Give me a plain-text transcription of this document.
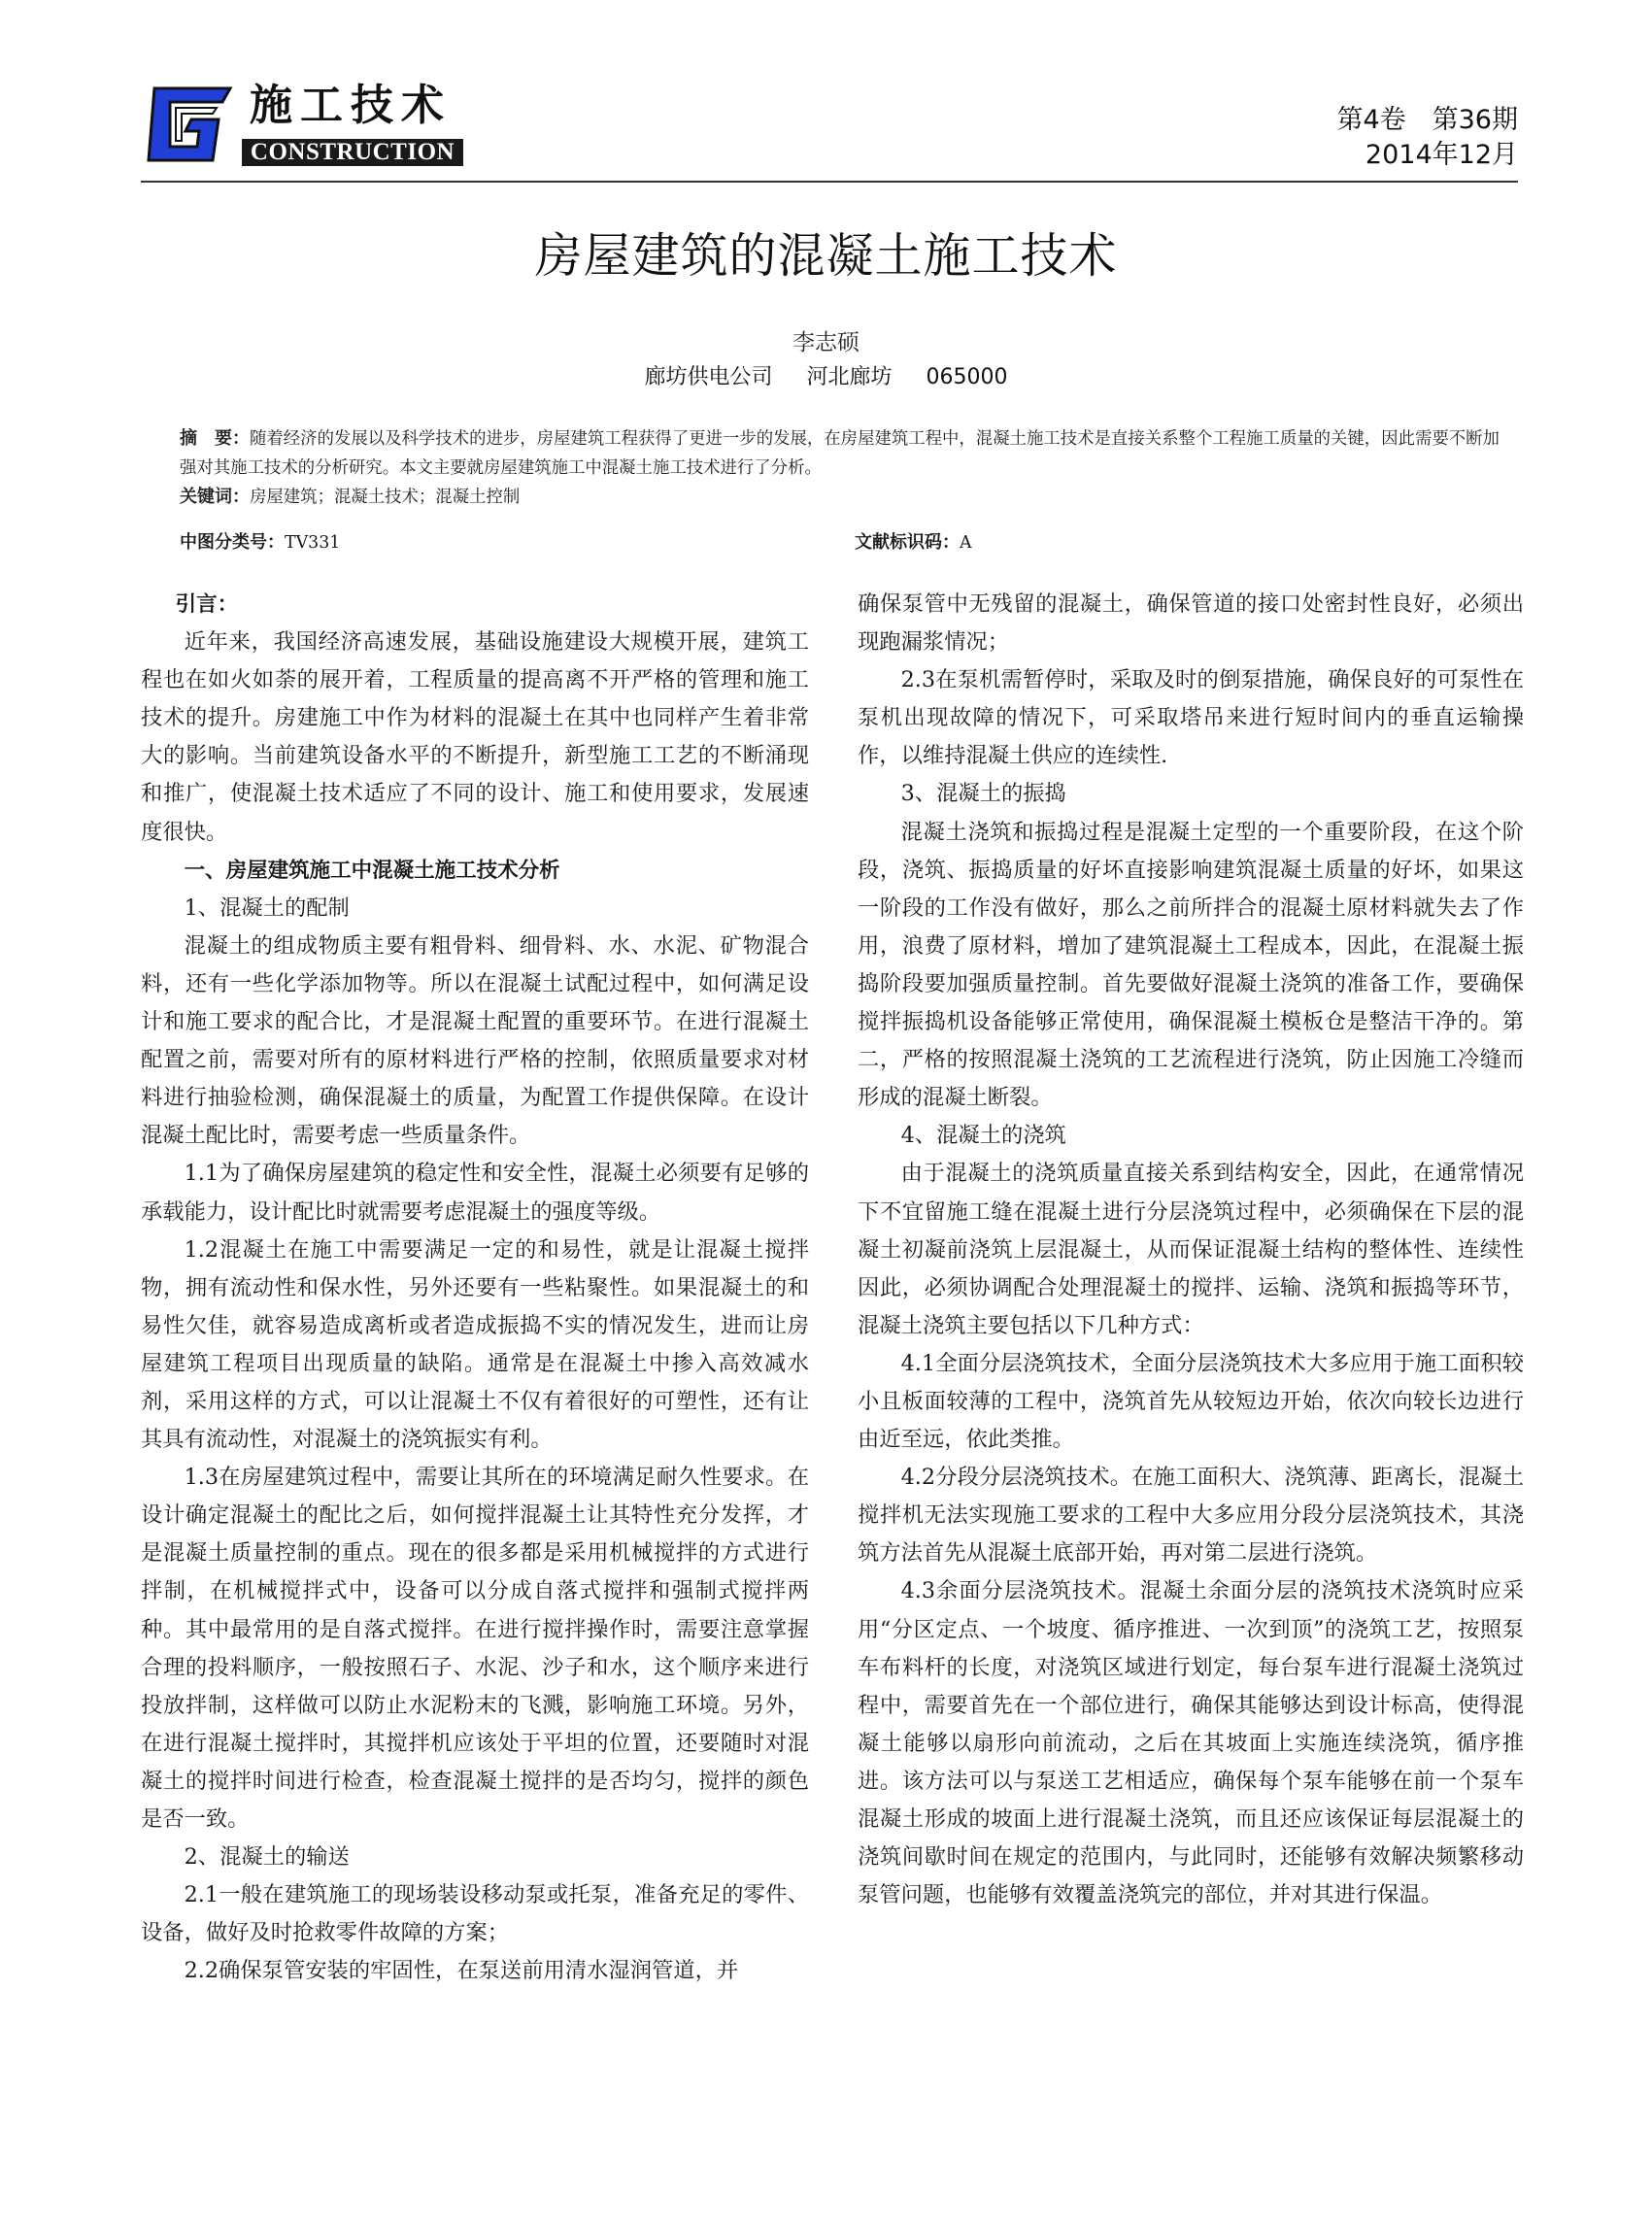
施工技术
CONSTRUCTION
第4卷　第36期
2014年12月
房屋建筑的混凝土施工技术
李志硕
廊坊供电公司 河北廊坊 065000

摘　要：随着经济的发展以及科学技术的进步，房屋建筑工程获得了更进一步的发展，在房屋建筑工程中，混凝土施工技术是直接关系整个工程施工质量的关键，因此需要不断加强对其施工技术的分析研究。本文主要就房屋建筑施工中混凝土施工技术进行了分析。

关键词：房屋建筑；混凝土技术；混凝土控制

中图分类号：TV331	文献标识码：A

引言：

近年来，我国经济高速发展，基础设施建设大规模开展，建筑工程也在如火如荼的展开着，工程质量的提高离不开严格的管理和施工技术的提升。房建施工中作为材料的混凝土在其中也同样产生着非常大的影响。当前建筑设备水平的不断提升，新型施工工艺的不断涌现和推广，使混凝土技术适应了不同的设计、施工和使用要求，发展速度很快。

一、房屋建筑施工中混凝土施工技术分析

1、混凝土的配制

混凝土的组成物质主要有粗骨料、细骨料、水、水泥、矿物混合料，还有一些化学添加物等。所以在混凝土试配过程中，如何满足设计和施工要求的配合比，才是混凝土配置的重要环节。在进行混凝土配置之前，需要对所有的原材料进行严格的控制，依照质量要求对材料进行抽验检测，确保混凝土的质量，为配置工作提供保障。在设计混凝土配比时，需要考虑一些质量条件。

1.1为了确保房屋建筑的稳定性和安全性，混凝土必须要有足够的承载能力，设计配比时就需要考虑混凝土的强度等级。

1.2混凝土在施工中需要满足一定的和易性，就是让混凝土搅拌物，拥有流动性和保水性，另外还要有一些粘聚性。如果混凝土的和易性欠佳，就容易造成离析或者造成振捣不实的情况发生，进而让房屋建筑工程项目出现质量的缺陷。通常是在混凝土中掺入高效减水剂，采用这样的方式，可以让混凝土不仅有着很好的可塑性，还有让其具有流动性，对混凝土的浇筑振实有利。

1.3在房屋建筑过程中，需要让其所在的环境满足耐久性要求。在设计确定混凝土的配比之后，如何搅拌混凝土让其特性充分发挥，才是混凝土质量控制的重点。现在的很多都是采用机械搅拌的方式进行拌制，在机械搅拌式中，设备可以分成自落式搅拌和强制式搅拌两种。其中最常用的是自落式搅拌。在进行搅拌操作时，需要注意掌握合理的投料顺序，一般按照石子、水泥、沙子和水，这个顺序来进行投放拌制，这样做可以防止水泥粉末的飞溅，影响施工环境。另外，在进行混凝土搅拌时，其搅拌机应该处于平坦的位置，还要随时对混凝土的搅拌时间进行检查，检查混凝土搅拌的是否均匀，搅拌的颜色是否一致。

2、混凝土的输送

2.1一般在建筑施工的现场装设移动泵或托泵，准备充足的零件、设备，做好及时抢救零件故障的方案；

2.2确保泵管安装的牢固性，在泵送前用清水湿润管道，并

确保泵管中无残留的混凝土，确保管道的接口处密封性良好，必须出现跑漏浆情况；

2.3在泵机需暂停时，采取及时的倒泵措施，确保良好的可泵性在泵机出现故障的情况下，可采取塔吊来进行短时间内的垂直运输操作，以维持混凝土供应的连续性.

3、混凝土的振捣

混凝土浇筑和振捣过程是混凝土定型的一个重要阶段，在这个阶段，浇筑、振捣质量的好坏直接影响建筑混凝土质量的好坏，如果这一阶段的工作没有做好，那么之前所拌合的混凝土原材料就失去了作用，浪费了原材料，增加了建筑混凝土工程成本，因此，在混凝土振捣阶段要加强质量控制。首先要做好混凝土浇筑的准备工作，要确保搅拌振捣机设备能够正常使用，确保混凝土模板仓是整洁干净的。第二，严格的按照混凝土浇筑的工艺流程进行浇筑，防止因施工冷缝而形成的混凝土断裂。

4、混凝土的浇筑

由于混凝土的浇筑质量直接关系到结构安全，因此，在通常情况下不宜留施工缝在混凝土进行分层浇筑过程中，必须确保在下层的混凝土初凝前浇筑上层混凝土，从而保证混凝土结构的整体性、连续性因此，必须协调配合处理混凝土的搅拌、运输、浇筑和振捣等环节，混凝土浇筑主要包括以下几种方式：

4.1全面分层浇筑技术，全面分层浇筑技术大多应用于施工面积较小且板面较薄的工程中，浇筑首先从较短边开始，依次向较长边进行由近至远，依此类推。

4.2分段分层浇筑技术。在施工面积大、浇筑薄、距离长，混凝土搅拌机无法实现施工要求的工程中大多应用分段分层浇筑技术，其浇筑方法首先从混凝土底部开始，再对第二层进行浇筑。

4.3余面分层浇筑技术。混凝土余面分层的浇筑技术浇筑时应采用“分区定点、一个坡度、循序推进、一次到顶”的浇筑工艺，按照泵车布料杆的长度，对浇筑区域进行划定，每台泵车进行混凝土浇筑过程中，需要首先在一个部位进行，确保其能够达到设计标高，使得混凝土能够以扇形向前流动，之后在其坡面上实施连续浇筑，循序推进。该方法可以与泵送工艺相适应，确保每个泵车能够在前一个泵车混凝土形成的坡面上进行混凝土浇筑，而且还应该保证每层混凝土的浇筑间歇时间在规定的范围内，与此同时，还能够有效解决频繁移动泵管问题，也能够有效覆盖浇筑完的部位，并对其进行保温。
